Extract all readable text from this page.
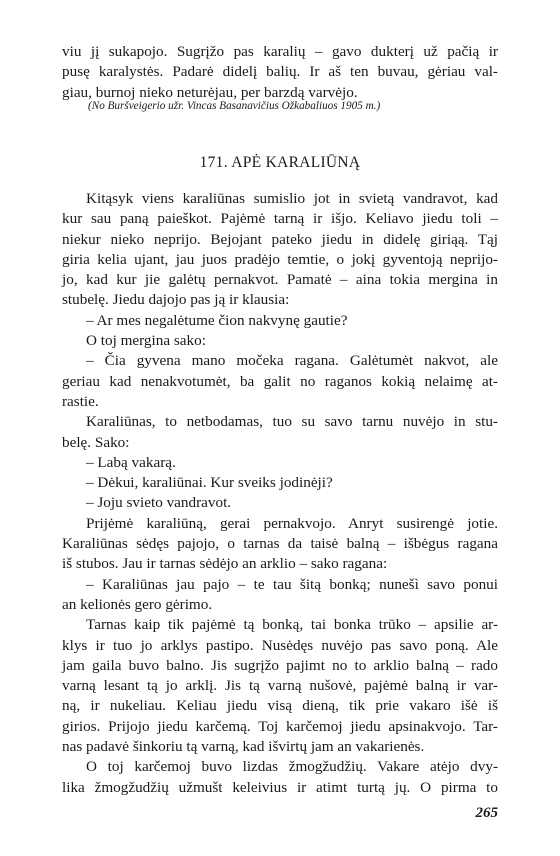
viu jį sukapojo. Sugrįžo pas karalių – gavo dukterį už pačią ir
pusę karalystės. Padarė didelį balių. Ir aš ten buvau, gėriau val-
giau, burnoj nieko neturėjau, per barzdą varvėjo.
(No Buršveigerio užr. Vincas Basanavičius Ožkabaliuos 1905 m.)
171. APĖ KARALIŪNĄ
Kitąsyk viens karaliūnas sumislio jot in svietą vandravot, kad
kur sau paną paieškot. Pajėmė tarną ir išjo. Keliavo jiedu toli –
niekur nieko neprijo. Bejojant pateko jiedu in didelę giriąą. Tąj
giria kelia ujant, jau juos pradėjo temtie, o jokį gyventoją neprijo-
jo, kad kur jie galėtų pernakvot. Pamatė – aina tokia mergina in
stubelę. Jiedu dajojo pas ją ir klausia:
– Ar mes negalėtume čion nakvynę gautie?
O toj mergina sako:
– Čia gyvena mano močeka ragana. Galėtumėt nakvot, ale
geriau kad nenakvotumėt, ba galit no raganos kokią nelaimę at-
rastie.
Karaliūnas, to netbodamas, tuo su savo tarnu nuvėjo in stu-
belę. Sako:
– Labą vakarą.
– Dėkui, karaliūnai. Kur sveiks jodinėji?
– Joju svieto vandravot.
Prijėmė karaliūną, gerai pernakvojo. Anryt susirengė jotie.
Karaliūnas sėdęs pajojo, o tarnas da taisė balną – išbėgus ragana
iš stubos. Jau ir tarnas sėdėjo an arklio – sako ragana:
– Karaliūnas jau pajo – te tau šitą bonką; nunešì savo ponui
an kelionės gero gėrimo.
Tarnas kaip tik pajėmė tą bonką, tai bonka trūko – apsilie ar-
klys ir tuo jo arklys pastipo. Nusėdęs nuvėjo pas savo poną. Ale
jam gaila buvo balno. Jis sugrįžo pajimt no to arklio balną – rado
varną lesant tą jo arklį. Jis tą varną nušovė, pajėmė balną ir var-
ną, ir nukeliau. Keliau jiedu visą dieną, tik prie vakaro išė iš
girios. Prijojo jiedu karčemą. Toj karčemoj jiedu apsinakvojo. Tar-
nas padavė šinkoriu tą varną, kad išvirtų jam an vakarienės.
O toj karčemoj buvo lizdas žmogžudžių. Vakare atėjo dvy-
lika žmogžudžių užmušt keleivius ir atimt turtą jų. O pirma to
265
